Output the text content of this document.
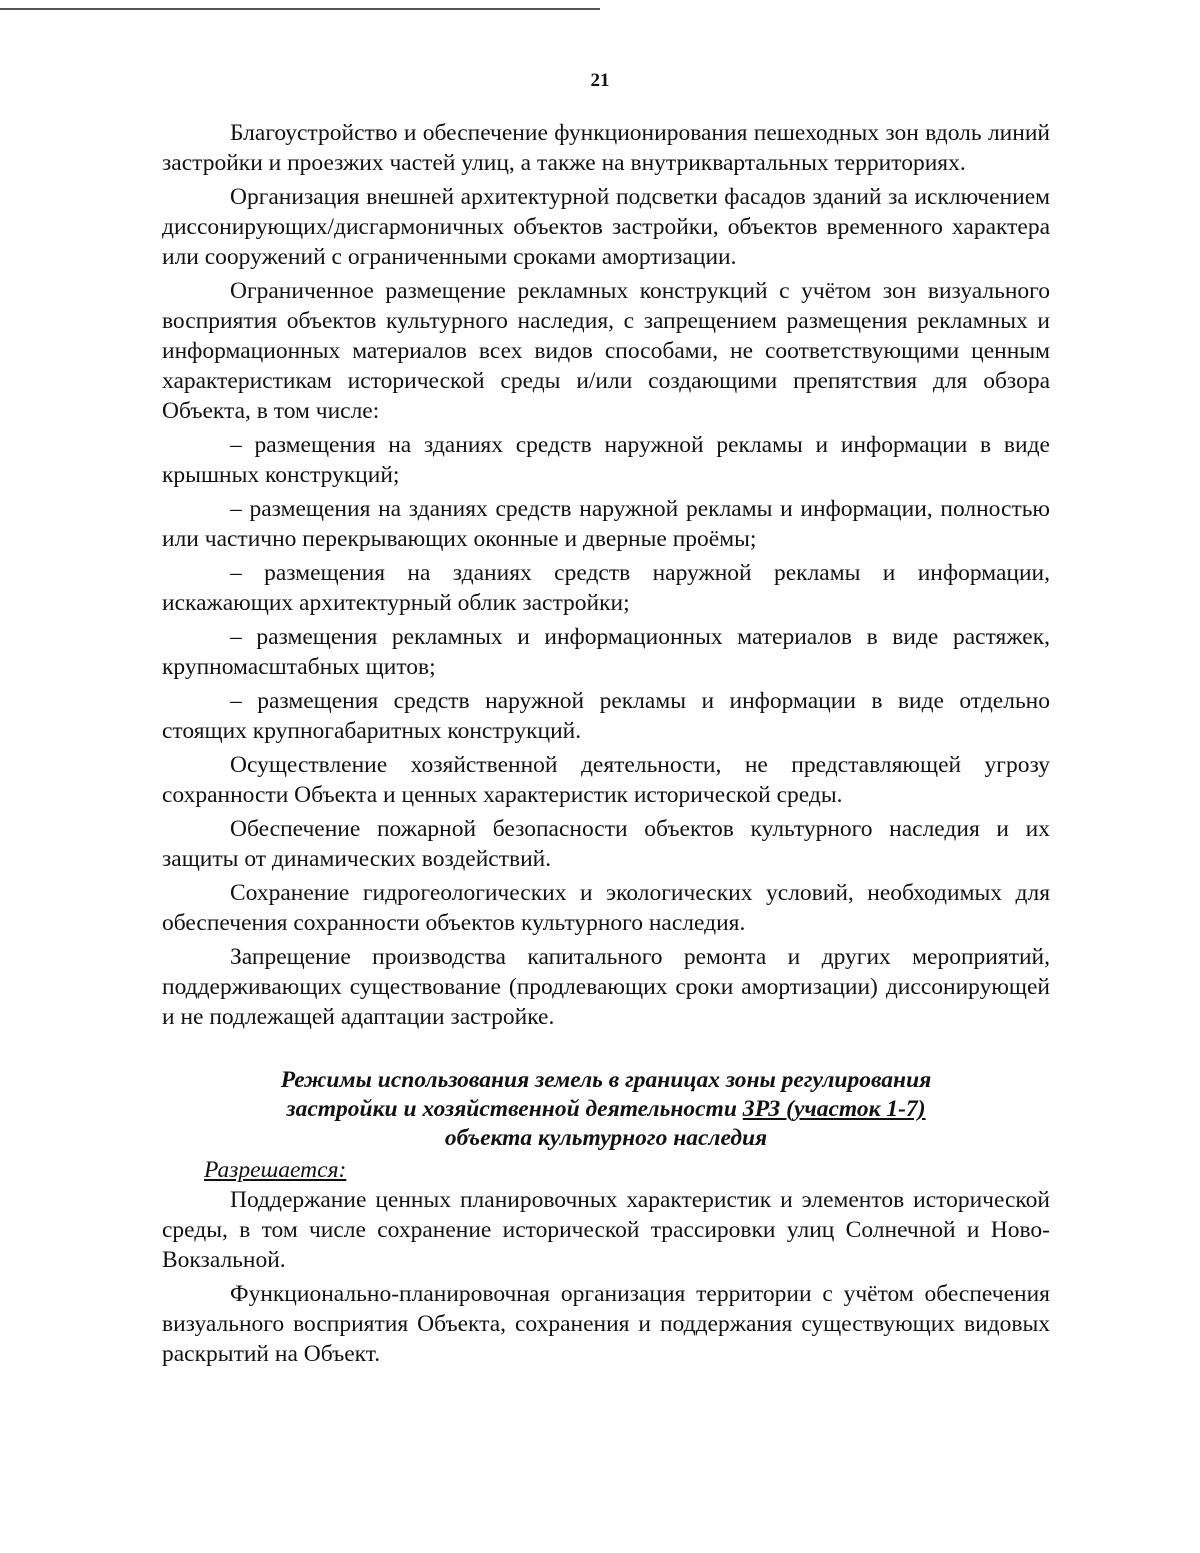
21

Благоустройство и обеспечение функционирования пешеходных зон вдоль линий застройки и проезжих частей улиц, а также на внутриквартальных территориях.

Организация внешней архитектурной подсветки фасадов зданий за исключением диссонирующих/дисгармоничных объектов застройки, объектов временного характера или сооружений с ограниченными сроками амортизации.

Ограниченное размещение рекламных конструкций с учётом зон визуального восприятия объектов культурного наследия, с запрещением размещения рекламных и информационных материалов всех видов способами, не соответствующими ценным характеристикам исторической среды и/или создающими препятствия для обзора Объекта, в том числе:

– размещения на зданиях средств наружной рекламы и информации в виде крышных конструкций;

– размещения на зданиях средств наружной рекламы и информации, полностью или частично перекрывающих оконные и дверные проёмы;

– размещения на зданиях средств наружной рекламы и информации, искажающих архитектурный облик застройки;

– размещения рекламных и информационных материалов в виде растяжек, крупномасштабных щитов;

– размещения средств наружной рекламы и информации в виде отдельно стоящих крупногабаритных конструкций.

Осуществление хозяйственной деятельности, не представляющей угрозу сохранности Объекта и ценных характеристик исторической среды.

Обеспечение пожарной безопасности объектов культурного наследия и их защиты от динамических воздействий.

Сохранение гидрогеологических и экологических условий, необходимых для обеспечения сохранности объектов культурного наследия.

Запрещение производства капитального ремонта и других мероприятий, поддерживающих существование (продлевающих сроки амортизации) диссонирующей и не подлежащей адаптации застройке.

Режимы использования земель в границах зоны регулирования
застройки и хозяйственной деятельности ЗРЗ (участок 1-7)
объекта культурного наследия
Разрешается:

Поддержание ценных планировочных характеристик и элементов исторической среды, в том числе сохранение исторической трассировки улиц Солнечной и Ново-Вокзальной.

Функционально-планировочная организация территории с учётом обеспечения визуального восприятия Объекта, сохранения и поддержания существующих видовых раскрытий на Объект.
